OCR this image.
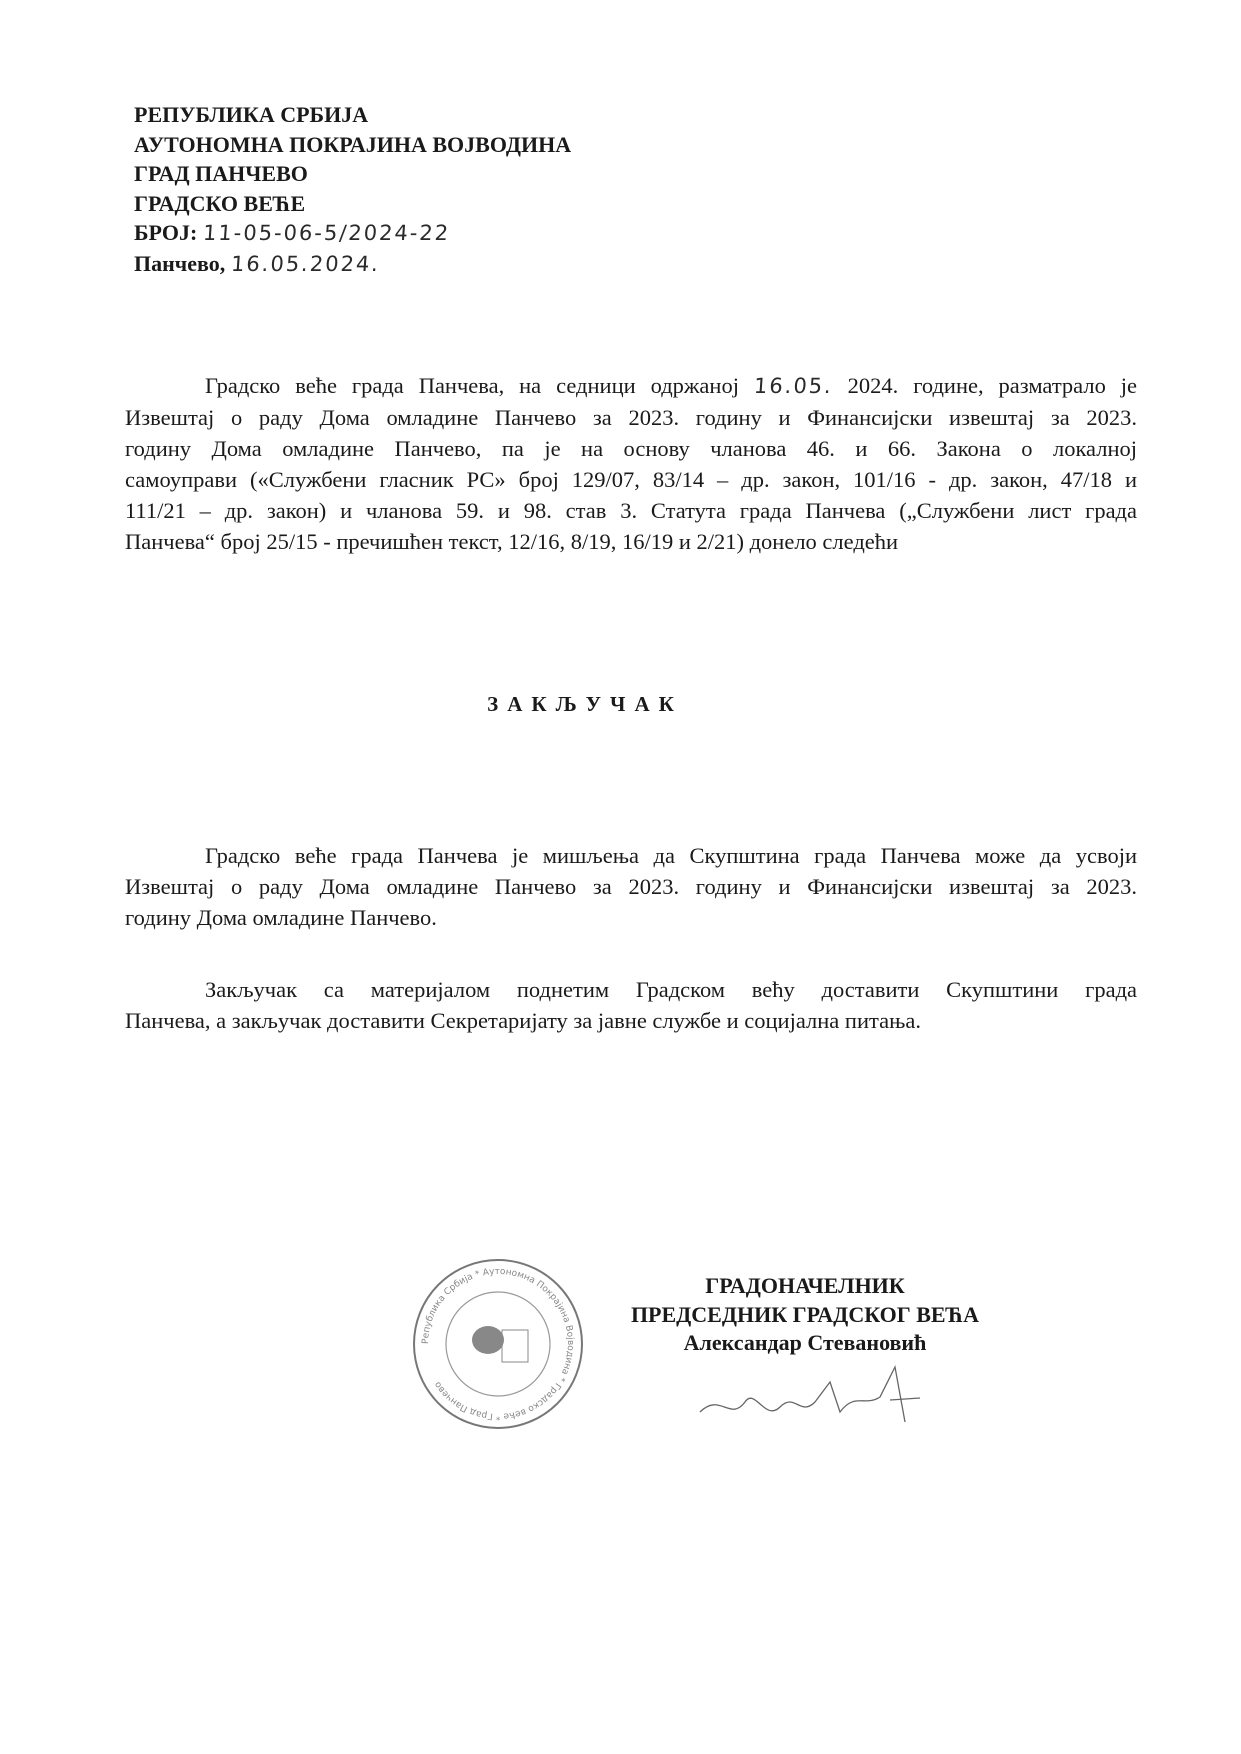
РЕПУБЛИКА СРБИЈА
АУТОНОМНА ПОКРАЈИНА ВОЈВОДИНА
ГРАД ПАНЧЕВО
ГРАДСКО ВЕЋЕ
БРОЈ: 11-05-06-5/2024-22
Панчево, 16.05.2024.
Градско веће града Панчева, на седници одржаној 16.05. 2024. године, разматрало је
Извештај о раду Дома омладине Панчево за 2023. годину и Финансијски извештај за 2023.
годину Дома омладине Панчево, па је на основу чланова 46. и 66. Закона о локалној
самоуправи («Службени гласник РС» број 129/07, 83/14 – др. закон, 101/16 - др. закон, 47/18 и
111/21 – др. закон) и чланова 59. и 98. став 3. Статута града Панчева („Службени лист града
Панчева“ број 25/15 - пречишћен текст, 12/16, 8/19, 16/19 и 2/21) донело следећи
ЗАКЉУЧАК
Градско веће града Панчева је мишљења да Скупштина града Панчева може да усвоји
Извештај о раду Дома омладине Панчево за 2023. годину и Финансијски извештај за 2023.
годину Дома омладине Панчево.
Закључак са материјалом поднетим Градском већу доставити Скупштини града
Панчева, а закључак доставити Секретаријату за јавне службе и социјална питања.
Република Србија * Аутономна Покрајина Војводина * Градско веће * Град Панчево
ГРАДОНАЧЕЛНИК
ПРЕДСЕДНИК ГРАДСКОГ ВЕЋА
Александар Стевановић
